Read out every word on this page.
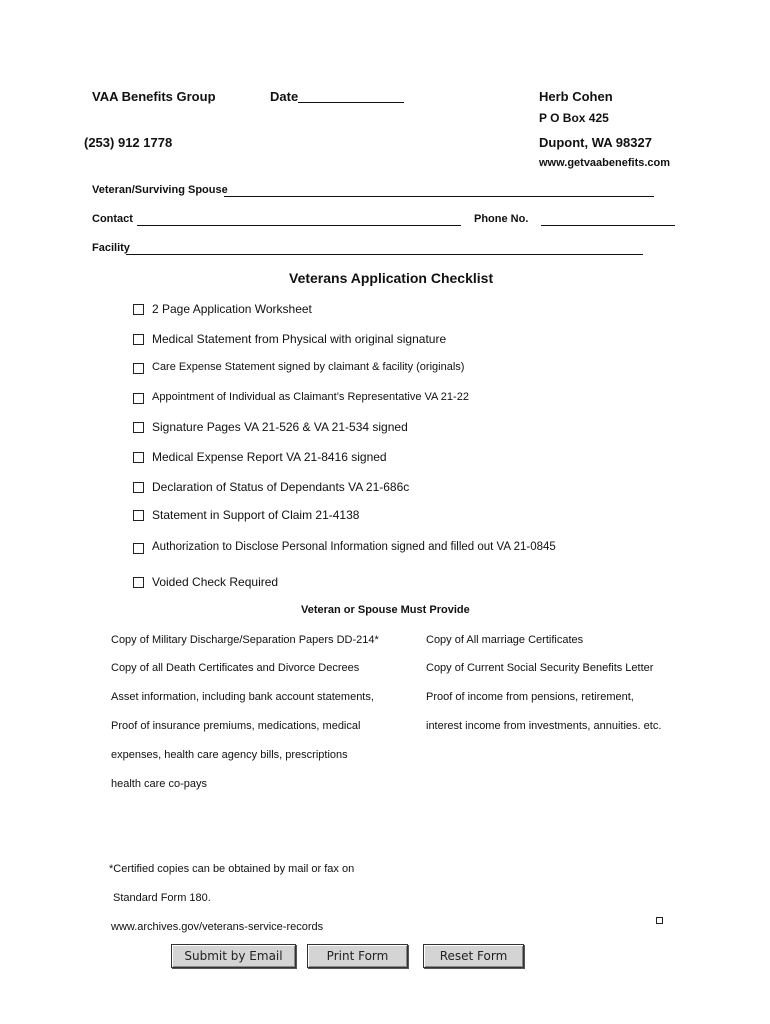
VAA Benefits Group	Date	Herb Cohen
P O Box 425
(253) 912 1778	Dupont, WA 98327
www.getvaabenefits.com
Veteran/Surviving Spouse
Contact	Phone No.
Facility
Veterans Application Checklist
2 Page Application Worksheet
Medical Statement from Physical with original signature
Care Expense Statement signed by claimant & facility (originals)
Appointment of Individual as Claimant’s Representative VA 21-22
Signature Pages VA 21-526 & VA 21-534 signed
Medical Expense Report VA 21-8416 signed
Declaration of Status of Dependants VA 21-686c
Statement in Support of Claim 21-4138
Authorization to Disclose Personal Information signed and filled out VA 21-0845
Voided Check Required
Veteran or Spouse Must Provide
Copy of Military Discharge/Separation Papers DD-214*
Copy of all Death Certificates and Divorce Decrees
Asset information, including bank account statements,
Proof of insurance premiums, medications, medical
expenses, health care agency bills, prescriptions
health care co-pays
Copy of All marriage Certificates
Copy of Current Social Security Benefits Letter
Proof of income from pensions, retirement,
interest income from investments, annuities. etc.
*Certified copies can be obtained by mail or fax on
Standard Form 180.
www.archives.gov/veterans-service-records
Submit by Email	Print Form	Reset Form
